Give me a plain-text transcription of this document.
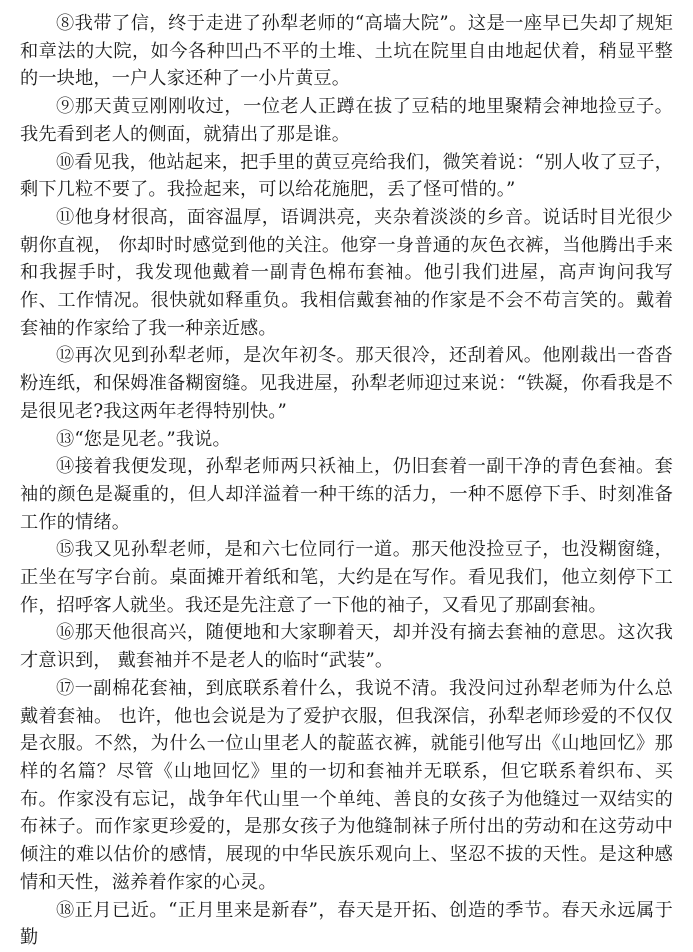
⑧我带了信，终于走进了孙犁老师的“高墙大院”。这是一座早已失却了规矩和章法的大院，如今各种凹凸不平的土堆、土坑在院里自由地起伏着，稍显平整的一块地，一户人家还种了一小片黄豆。

⑨那天黄豆刚刚收过，一位老人正蹲在拔了豆秸的地里聚精会神地捡豆子。我先看到老人的侧面，就猜出了那是谁。

⑩看见我，他站起来，把手里的黄豆亮给我们，微笑着说：“别人收了豆子，剩下几粒不要了。我捡起来，可以给花施肥，丢了怪可惜的。”

⑪他身材很高，面容温厚，语调洪亮，夹杂着淡淡的乡音。说话时目光很少朝你直视， 你却时时感觉到他的关注。他穿一身普通的灰色衣裤，当他腾出手来和我握手时，我发现他戴着一副青色棉布套袖。他引我们进屋，高声询问我写作、工作情况。很快就如释重负。我相信戴套袖的作家是不会不苟言笑的。戴着套袖的作家给了我一种亲近感。

⑫再次见到孙犁老师，是次年初冬。那天很冷，还刮着风。他刚裁出一沓沓粉连纸，和保姆准备糊窗缝。见我进屋，孙犁老师迎过来说：“铁凝，你看我是不是很见老?我这两年老得特别快。”

⑬“您是见老。”我说。

⑭接着我便发现，孙犁老师两只袄袖上，仍旧套着一副干净的青色套袖。套袖的颜色是凝重的，但人却洋溢着一种干练的活力，一种不愿停下手、时刻准备工作的情绪。

⑮我又见孙犁老师，是和六七位同行一道。那天他没捡豆子，也没糊窗缝，正坐在写字台前。桌面摊开着纸和笔，大约是在写作。看见我们，他立刻停下工作，招呼客人就坐。我还是先注意了一下他的袖子，又看见了那副套袖。

⑯那天他很高兴，随便地和大家聊着天，却并没有摘去套袖的意思。这次我才意识到， 戴套袖并不是老人的临时“武装”。

⑰一副棉花套袖，到底联系着什么，我说不清。我没问过孙犁老师为什么总戴着套袖。 也许，他也会说是为了爱护衣服，但我深信，孙犁老师珍爱的不仅仅是衣服。不然，为什么一位山里老人的靛蓝衣裤，就能引他写出《山地回忆》那样的名篇？尽管《山地回忆》里的一切和套袖并无联系，但它联系着织布、买布。作家没有忘记，战争年代山里一个单纯、善良的女孩子为他缝过一双结实的布袜子。而作家更珍爱的，是那女孩子为他缝制袜子所付出的劳动和在这劳动中倾注的难以估价的感情，展现的中华民族乐观向上、坚忍不拔的天性。是这种感情和天性，滋养着作家的心灵。

⑱正月已近。“正月里来是新春”，春天是开拓、创造的季节。春天永远属于勤
